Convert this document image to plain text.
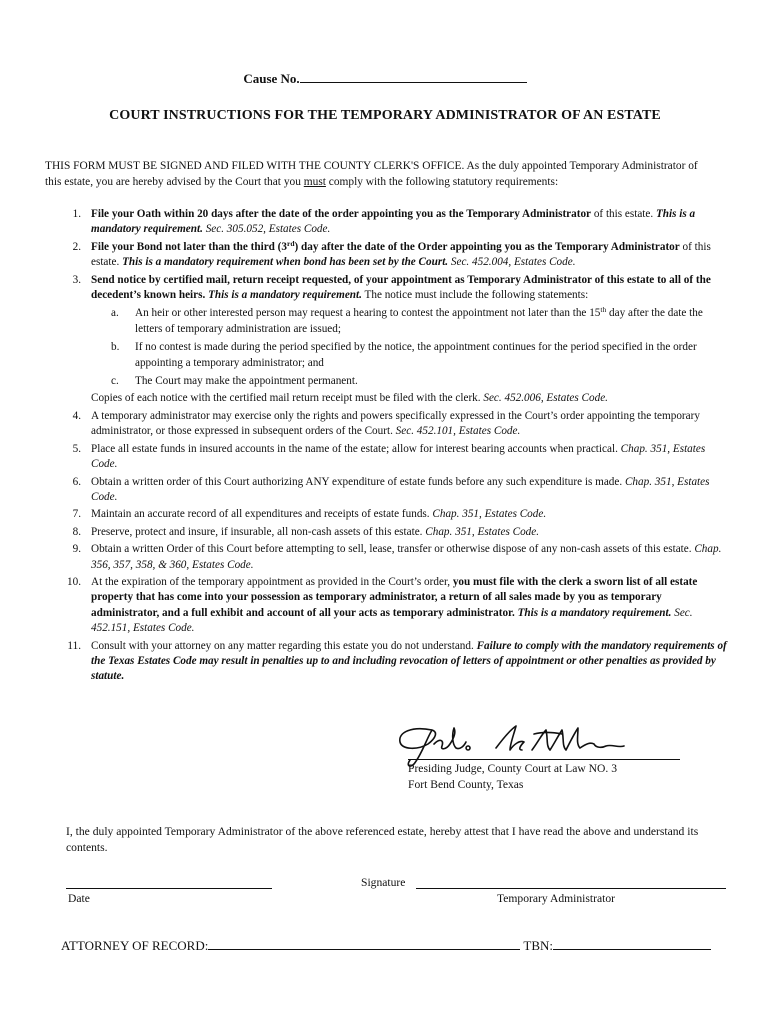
Cause No.
COURT INSTRUCTIONS FOR THE TEMPORARY ADMINISTRATOR OF AN ESTATE
THIS FORM MUST BE SIGNED AND FILED WITH THE COUNTY CLERK'S OFFICE. As the duly appointed Temporary Administrator of this estate, you are hereby advised by the Court that you must comply with the following statutory requirements:
1. File your Oath within 20 days after the date of the order appointing you as the Temporary Administrator of this estate. This is a mandatory requirement. Sec. 305.052, Estates Code.
2. File your Bond not later than the third (3rd) day after the date of the Order appointing you as the Temporary Administrator of this estate. This is a mandatory requirement when bond has been set by the Court. Sec. 452.004, Estates Code.
3. Send notice by certified mail, return receipt requested, of your appointment as Temporary Administrator of this estate to all of the decedent’s known heirs. This is a mandatory requirement. The notice must include the following statements:
a.	An heir or other interested person may request a hearing to contest the appointment not later than the 15th day after the date the letters of temporary administration are issued;
b.	If no contest is made during the period specified by the notice, the appointment continues for the period specified in the order appointing a temporary administrator; and
c.	The Court may make the appointment permanent.
Copies of each notice with the certified mail return receipt must be filed with the clerk. Sec. 452.006, Estates Code.
4. A temporary administrator may exercise only the rights and powers specifically expressed in the Court’s order appointing the temporary administrator, or those expressed in subsequent orders of the Court. Sec. 452.101, Estates Code.
5. Place all estate funds in insured accounts in the name of the estate; allow for interest bearing accounts when practical. Chap. 351, Estates Code.
6. Obtain a written order of this Court authorizing ANY expenditure of estate funds before any such expenditure is made. Chap. 351, Estates Code.
7. Maintain an accurate record of all expenditures and receipts of estate funds. Chap. 351, Estates Code.
8. Preserve, protect and insure, if insurable, all non-cash assets of this estate. Chap. 351, Estates Code.
9. Obtain a written Order of this Court before attempting to sell, lease, transfer or otherwise dispose of any non-cash assets of this estate. Chap. 356, 357, 358, & 360, Estates Code.
10. At the expiration of the temporary appointment as provided in the Court’s order, you must file with the clerk a sworn list of all estate property that has come into your possession as temporary administrator, a return of all sales made by you as temporary administrator, and a full exhibit and account of all your acts as temporary administrator. This is a mandatory requirement. Sec. 452.151, Estates Code.
11. Consult with your attorney on any matter regarding this estate you do not understand. Failure to comply with the mandatory requirements of the Texas Estates Code may result in penalties up to and including revocation of letters of appointment or other penalties as provided by statute.
Presiding Judge, County Court at Law NO. 3
Fort Bend County, Texas
I, the duly appointed Temporary Administrator of the above referenced estate, hereby attest that I have read the above and understand its contents.
Date
Signature
Temporary Administrator
ATTORNEY OF RECORD:	TBN:
